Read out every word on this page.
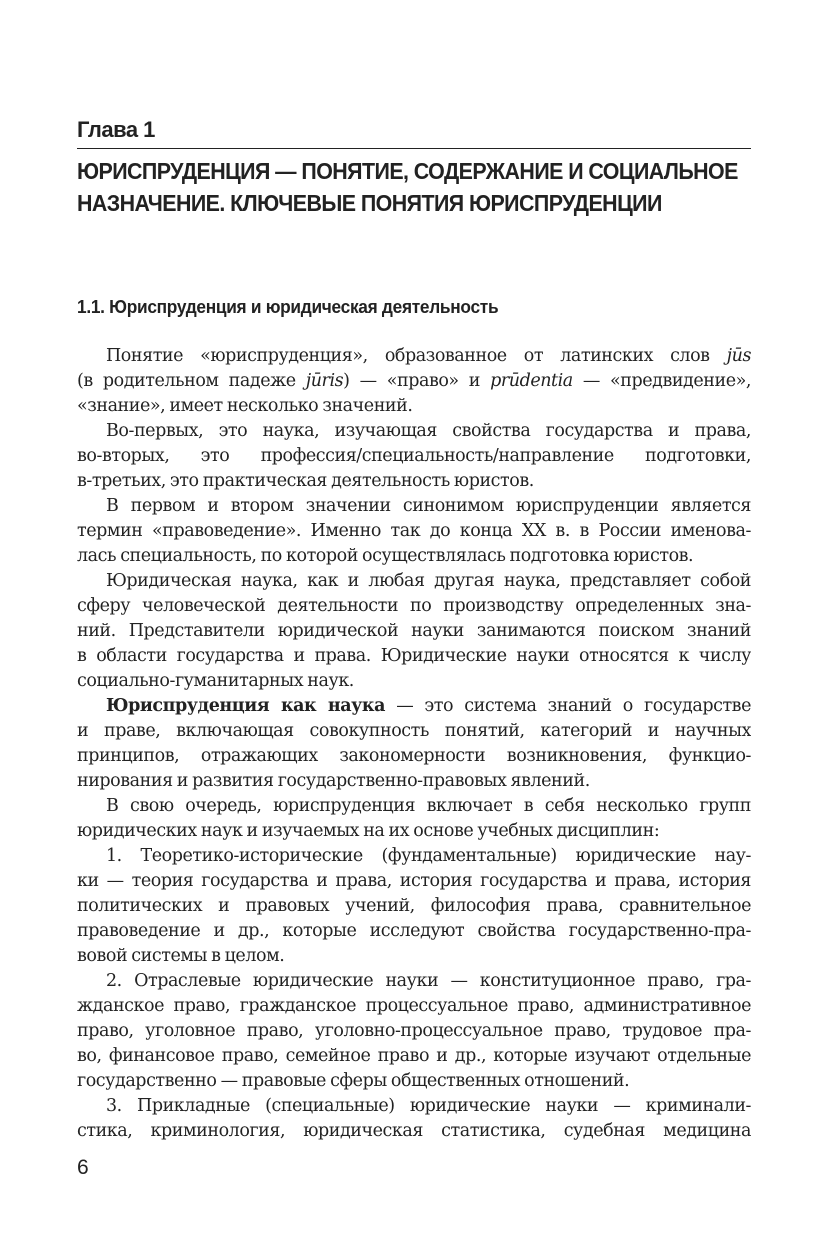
Глава 1
ЮРИСПРУДЕНЦИЯ — ПОНЯТИЕ, СОДЕРЖАНИЕ И СОЦИАЛЬНОЕ
НАЗНАЧЕНИЕ. КЛЮЧЕВЫЕ ПОНЯТИЯ ЮРИСПРУДЕНЦИИ
1.1. Юриспруденция и юридическая деятельность
Понятие «юриспруденция», образованное от латинских слов jūs
(в родительном падеже jūris) — «право» и prūdentia — «предвидение»,
«знание», имеет несколько значений.
Во-первых, это наука, изучающая свойства государства и права,
во-вторых, это профессия/специальность/направление подготовки,
в-третьих, это практическая деятельность юристов.
В первом и втором значении синонимом юриспруденции является
термин «правоведение». Именно так до конца XX в. в России именова-
лась специальность, по которой осуществлялась подготовка юристов.
Юридическая наука, как и любая другая наука, представляет собой
сферу человеческой деятельности по производству определенных зна-
ний. Представители юридической науки занимаются поиском знаний
в области государства и права. Юридические науки относятся к числу
социально-гуманитарных наук.
Юриспруденция как наука — это система знаний о государстве
и праве, включающая совокупность понятий, категорий и научных
принципов, отражающих закономерности возникновения, функцио-
нирования и развития государственно-правовых явлений.
В свою очередь, юриспруденция включает в себя несколько групп
юридических наук и изучаемых на их основе учебных дисциплин:
1. Теоретико-исторические (фундаментальные) юридические нау-
ки — теория государства и права, история государства и права, история
политических и правовых учений, философия права, сравнительное
правоведение и др., которые исследуют свойства государственно-пра-
вовой системы в целом.
2. Отраслевые юридические науки — конституционное право, гра-
жданское право, гражданское процессуальное право, административное
право, уголовное право, уголовно-процессуальное право, трудовое пра-
во, финансовое право, семейное право и др., которые изучают отдельные
государственно — правовые сферы общественных отношений.
3. Прикладные (специальные) юридические науки — криминали-
стика, криминология, юридическая статистика, судебная медицина
6
